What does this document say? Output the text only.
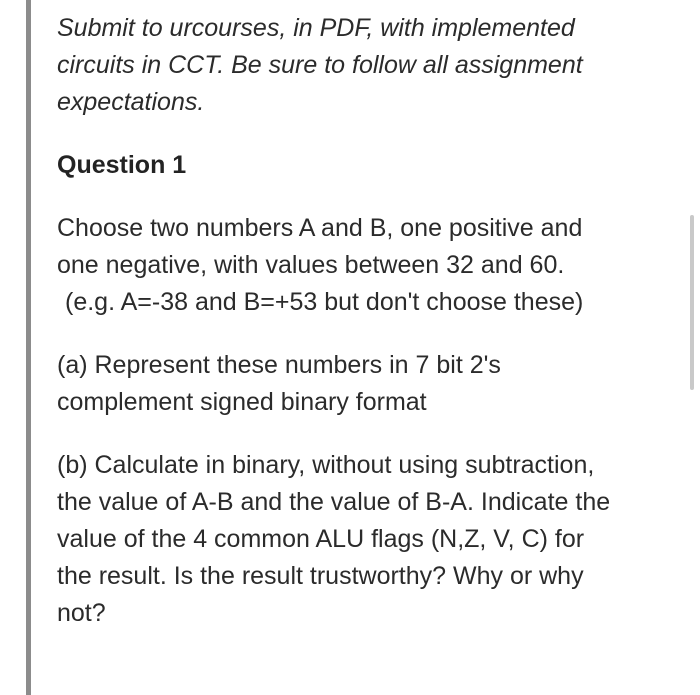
Submit to urcourses, in PDF, with implemented
circuits in CCT. Be sure to follow all assignment
expectations.

Question 1

Choose two numbers A and B, one positive and
one negative, with values between 32 and 60.
(e.g. A=-38 and B=+53 but don't choose these)

(a) Represent these numbers in 7 bit 2's
complement signed binary format

(b) Calculate in binary, without using subtraction,
the value of A-B and the value of B-A. Indicate the
value of the 4 common ALU flags (N,Z, V, C) for
the result. Is the result trustworthy? Why or why
not?
